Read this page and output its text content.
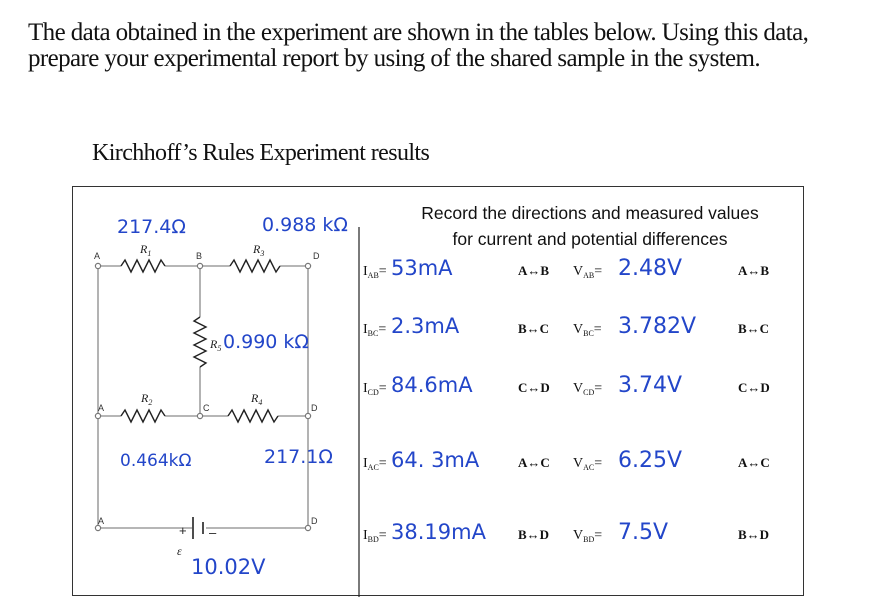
The data obtained in the experiment are shown in the tables below. Using this data, prepare your experimental report by using of the shared sample in the system.
Kirchhoff’s Rules Experiment results
A	B	D
A	C	D
A	D
$R_1$	$R_3$
$R_5$
$R_2$	$R_4$
ε
+ –
217.4Ω	0.988 kΩ
0.990 kΩ
0.464kΩ	217.1Ω
10.02V
$I_{AB}= 53mA$	A↔B $V_{AB}= 2.48V$	A↔B
$I_{BC}= 2.3mA$	B↔C $V_{BC}= 3.782V$	B↔C
$I_{CD}= 84.6mA$	C↔D $V_{CD}= 3.74V$	C↔D
$I_{AC}= 64$. 3mA	A↔C $V_{AC}= 6.25V$	A↔C
$I_{BD}= 38.19mA$ B↔D $V_{BD}= 7.5V$	B↔D
Record the directions and measured values
for current and potential differences
